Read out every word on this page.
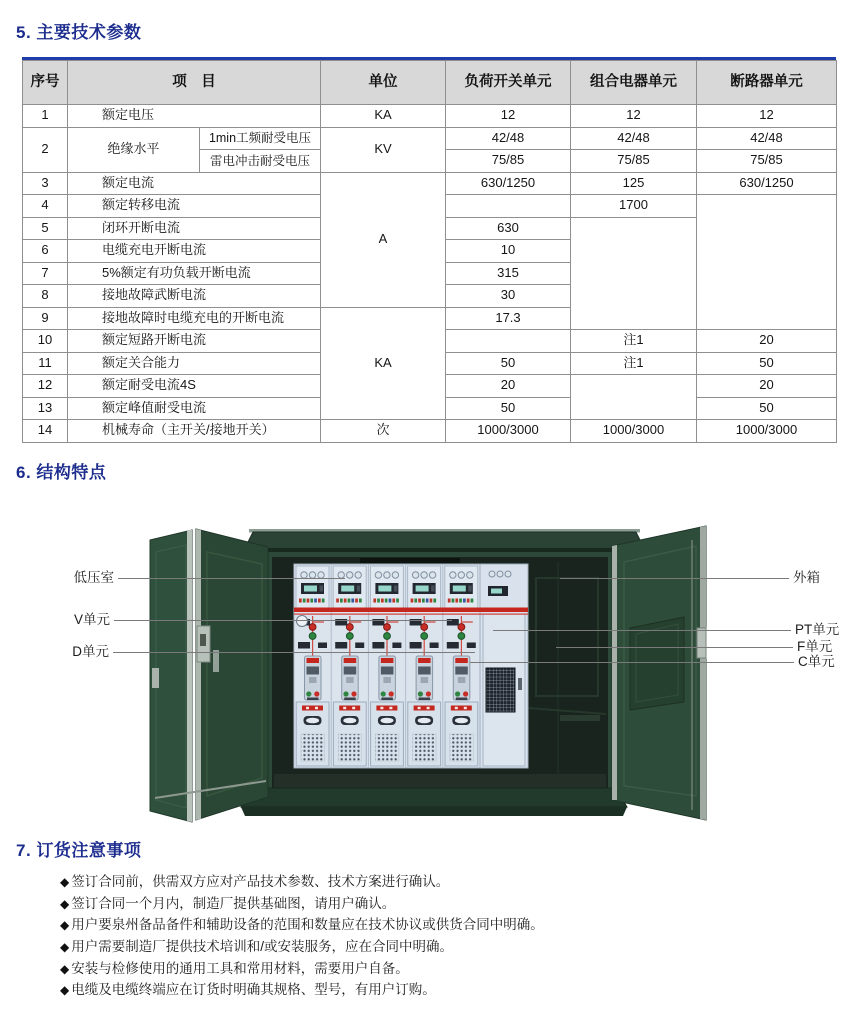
5. 主要技术参数
序号	项　目		单位	负荷开关单元	组合电器单元	断路器单元
1	额定电压		KA	12	12	12
2	绝缘水平	1min工频耐受电压	KV	42/48	42/48	42/48
		雷电冲击耐受电压		75/85	75/85	75/85
3	额定电流		A	630/1250	125	630/1250
4	额定转移电流				1700	
5	闭环开断电流			630		
6	电缆充电开断电流			10		
7	5%额定有功负载开断电流			315		
8	接地故障武断电流			30		
9	接地故障时电缆充电的开断电流		KA	17.3		
10	额定短路开断电流				注1	20
11	额定关合能力			50	注1	50
12	额定耐受电流4S			20		20
13	额定峰值耐受电流			50		50
14	机械寿命（主开关/接地开关）		次	1000/3000	1000/3000	1000/3000
6. 结构特点
低压室
V单元
D单元
外箱
PT单元
F单元
C单元
7. 订货注意事项
◆ 签订合同前，供需双方应对产品技术参数、技术方案进行确认。
◆ 签订合同一个月内，制造厂提供基础图，请用户确认。
◆ 用户要泉州备品备件和辅助设备的范围和数量应在技术协议或供货合同中明确。
◆ 用户需要制造厂提供技术培训和/或安装服务，应在合同中明确。
◆ 安装与检修使用的通用工具和常用材料，需要用户自备。
◆ 电缆及电缆终端应在订货时明确其规格、型号，有用户订购。
